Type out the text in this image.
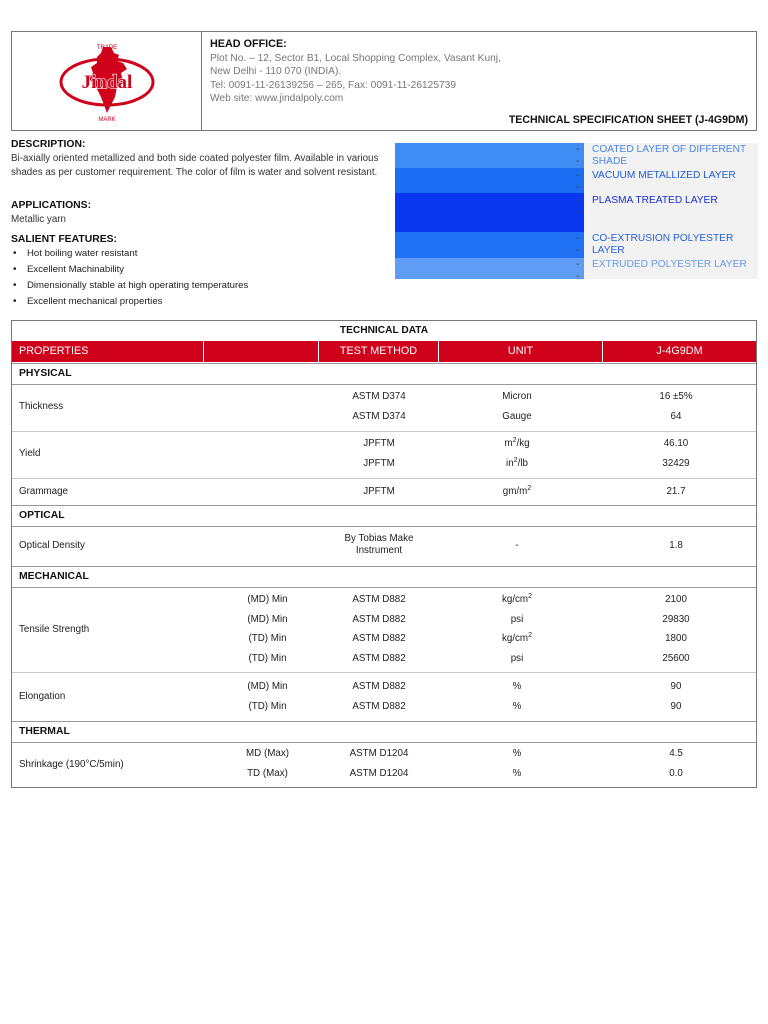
TRADE
Jindal
MARK
HEAD OFFICE:
Plot No. – 12, Sector B1, Local Shopping Complex, Vasant Kunj,
New Delhi - 110 070 (INDIA).
Tel: 0091-11-26139256 – 265, Fax: 0091-11-26125739
Web site: www.jindalpoly.com
TECHNICAL SPECIFICATION SHEET (J-4G9DM)
DESCRIPTION:
Bi-axially oriented metallized and both side coated polyester film. Available in various shades as per customer requirement. The color of film is water and solvent resistant.
APPLICATIONS:
Metallic yarn
SALIENT FEATURES:
• Hot boiling water resistant
• Excellent Machinability
• Dimensionally stable at high operating temperatures
• Excellent mechanical properties
--
COATED LAYER OF DIFFERENT SHADE
--
VACUUM METALLIZED LAYER
--
PLASMA TREATED LAYER
--
CO-EXTRUSION POLYESTER LAYER
--
EXTRUDED POLYESTER LAYER
TECHNICAL DATA
PROPERTIES	TEST METHOD	UNIT	J-4G9DM
PHYSICAL
Thickness
ASTM D374	Micron	16 ±5%
ASTM D374	Gauge	64
Yield
JPFTM	$m^2/kg$	46.10
JPFTM	$in^2/lb$	32429
Grammage	JPFTM	$gm/m^2$	21.7
OPTICAL
Optical Density
By Tobias Make
Instrument	-	1.8
MECHANICAL
Tensile Strength
(MD) Min	ASTM D882	$kg/cm^2$	2100
(MD) Min	ASTM D882	psi	29830
(TD) Min	ASTM D882	$kg/cm^2$	1800
(TD) Min	ASTM D882	psi	25600
Elongation
(MD) Min	ASTM D882	%	90
(TD) Min	ASTM D882	%	90
THERMAL
Shrinkage (190°C/5min)
MD (Max)	ASTM D1204	%	4.5
TD (Max)	ASTM D1204	%	0.0
